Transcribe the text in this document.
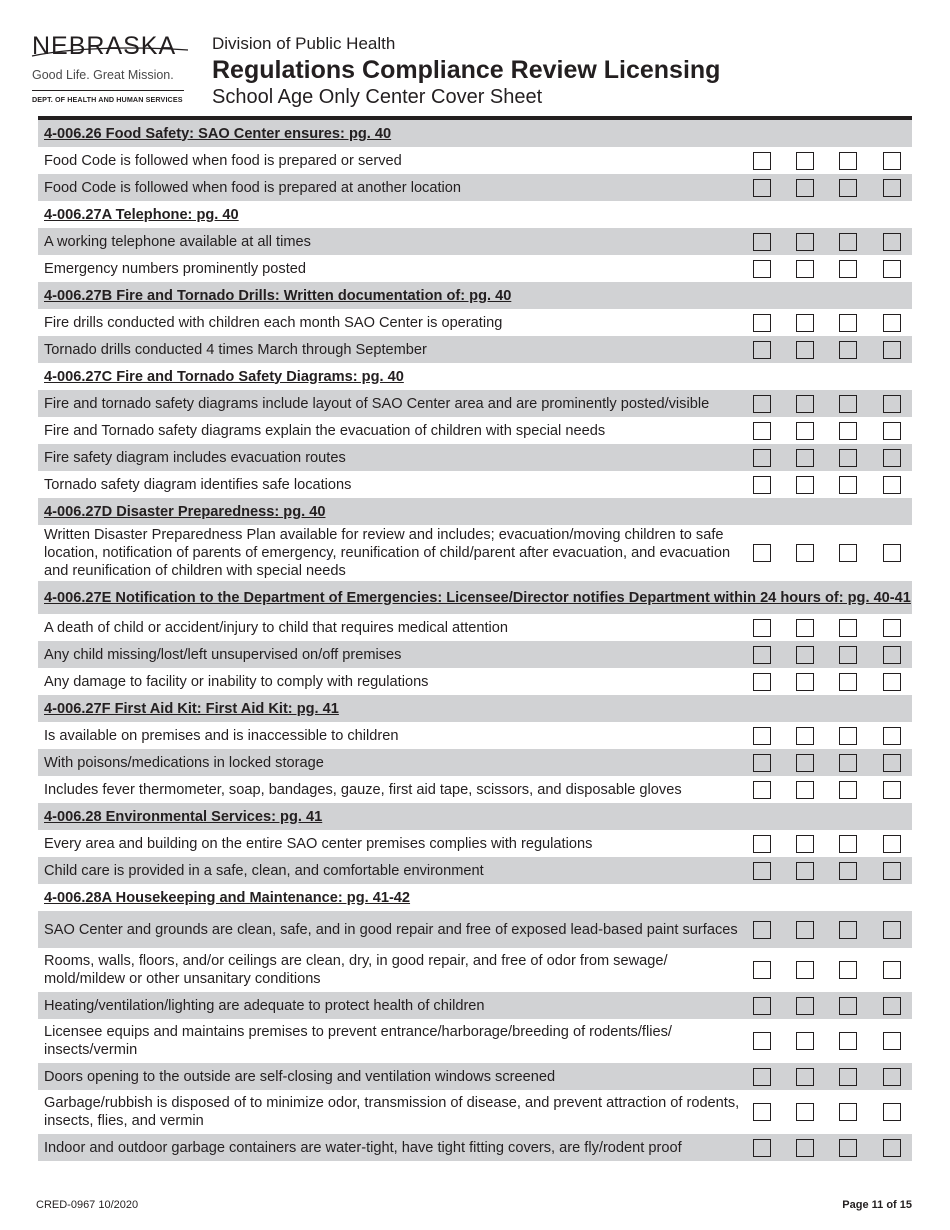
NEBRASKA
Good Life. Great Mission.
DEPT. OF HEALTH AND HUMAN SERVICES
Division of Public Health
Regulations Compliance Review Licensing
School Age Only Center Cover Sheet
4-006.26 Food Safety: SAO Center ensures: pg. 40
Food Code is followed when food is prepared or served
Food Code is followed when food is prepared at another location
4-006.27A Telephone: pg. 40
A working telephone available at all times
Emergency numbers prominently posted
4-006.27B Fire and Tornado Drills: Written documentation of: pg. 40
Fire drills conducted with children each month SAO Center is operating
Tornado drills conducted 4 times March through September
4-006.27C Fire and Tornado Safety Diagrams: pg. 40
Fire and tornado safety diagrams include layout of SAO Center area and are prominently posted/visible
Fire and Tornado safety diagrams explain the evacuation of children with special needs
Fire safety diagram includes evacuation routes
Tornado safety diagram identifies safe locations
4-006.27D Disaster Preparedness: pg. 40
Written Disaster Preparedness Plan available for review and includes; evacuation/moving children to safe location, notification of parents of emergency, reunification of child/parent after evacuation, and evacuation and reunification of children with special needs
4-006.27E Notification to the Department of Emergencies: Licensee/Director notifies Department within 24 hours of: pg. 40-41
A death of child or accident/injury to child that requires medical attention
Any child missing/lost/left unsupervised on/off premises
Any damage to facility or inability to comply with regulations
4-006.27F First Aid Kit: First Aid Kit: pg. 41
Is available on premises and is inaccessible to children
With poisons/medications in locked storage
Includes fever thermometer, soap, bandages, gauze, first aid tape, scissors, and disposable gloves
4-006.28 Environmental Services: pg. 41
Every area and building on the entire SAO center premises complies with regulations
Child care is provided in a safe, clean, and comfortable environment
4-006.28A Housekeeping and Maintenance: pg. 41-42
SAO Center and grounds are clean, safe, and in good repair and free of exposed lead-based paint surfaces
Rooms, walls, floors, and/or ceilings are clean, dry, in good repair, and free of odor from sewage/ mold/mildew or other unsanitary conditions
Heating/ventilation/lighting are adequate to protect health of children
Licensee equips and maintains premises to prevent entrance/harborage/breeding of rodents/flies/ insects/vermin
Doors opening to the outside are self-closing and ventilation windows screened
Garbage/rubbish is disposed of to minimize odor, transmission of disease, and prevent attraction of rodents, insects, flies, and vermin
Indoor and outdoor garbage containers are water-tight, have tight fitting covers, are fly/rodent proof
CRED-0967 10/2020	Page 11 of 15
